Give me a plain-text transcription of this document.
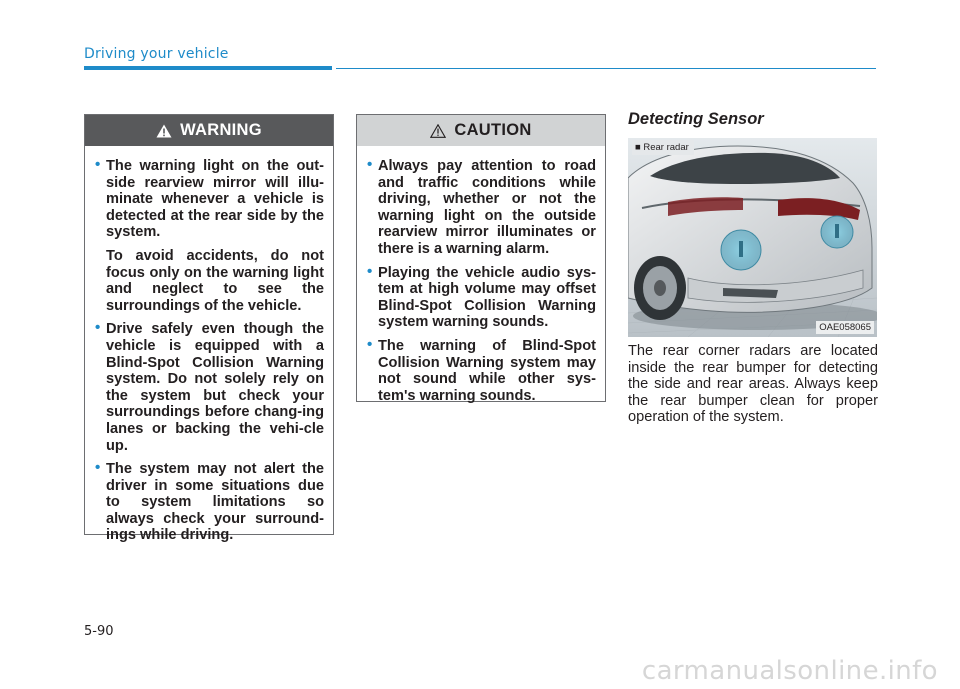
Driving your vehicle
WARNING
• The warning light on the out-side rearview mirror will illu-minate whenever a vehicle is detected at the rear side by the system.

To avoid accidents, do not focus only on the warning light and neglect to see the surroundings of the vehicle.

• Drive safely even though the vehicle is equipped with a Blind-Spot Collision Warning system. Do not solely rely on the system but check your surroundings before chang-ing lanes or backing the vehi-cle up.

• The system may not alert the driver in some situations due to system limitations so always check your surround-ings while driving.

CAUTION
• Always pay attention to road and traffic conditions while driving, whether or not the warning light on the outside rearview mirror illuminates or there is a warning alarm.

• Playing the vehicle audio sys-tem at high volume may offset Blind-Spot Collision Warning system warning sounds.

• The warning of Blind-Spot Collision Warning system may not sound while other sys-tem's warning sounds.

Detecting Sensor
■ Rear radar
OAE058065
The rear corner radars are located inside the rear bumper for detecting the side and rear areas. Always keep the rear bumper clean for proper operation of the system.
5-90
carmanualsonline.info
